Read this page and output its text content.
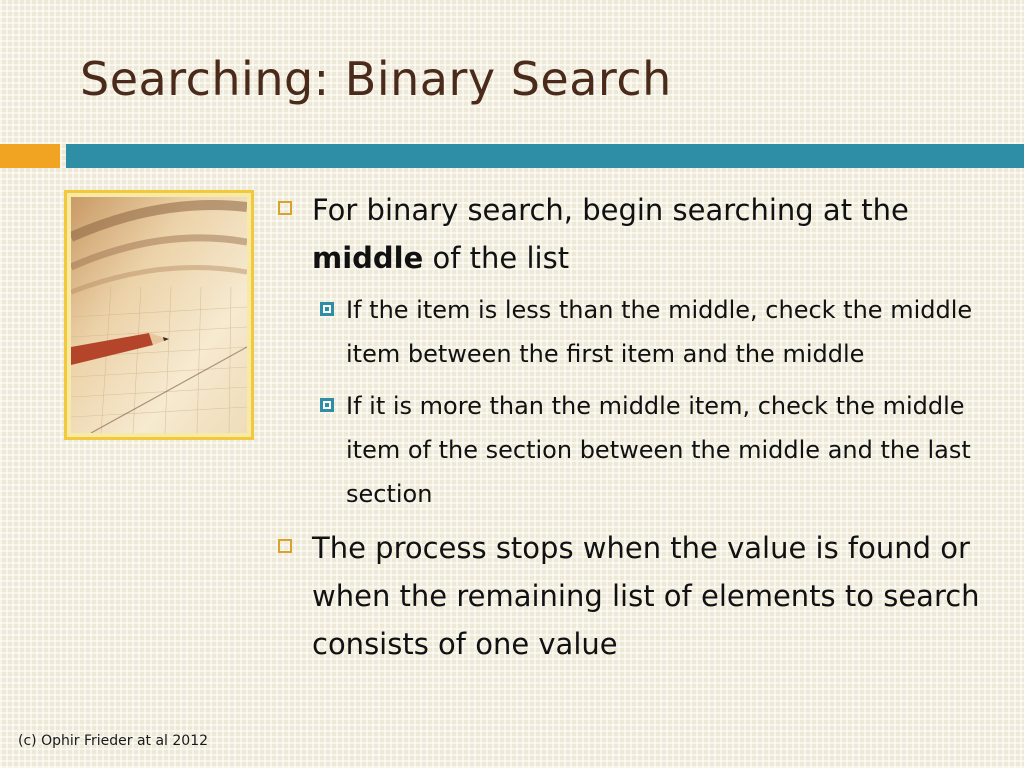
Searching: Binary Search
For binary search, begin searching at the middle of the list
If the item is less than the middle, check the middle item between the first item and the middle
If it is more than the middle item, check the middle item of the section between the middle and the last section
The process stops when the value is found or when the remaining list of elements to search consists of one value
(c) Ophir Frieder at al 2012
